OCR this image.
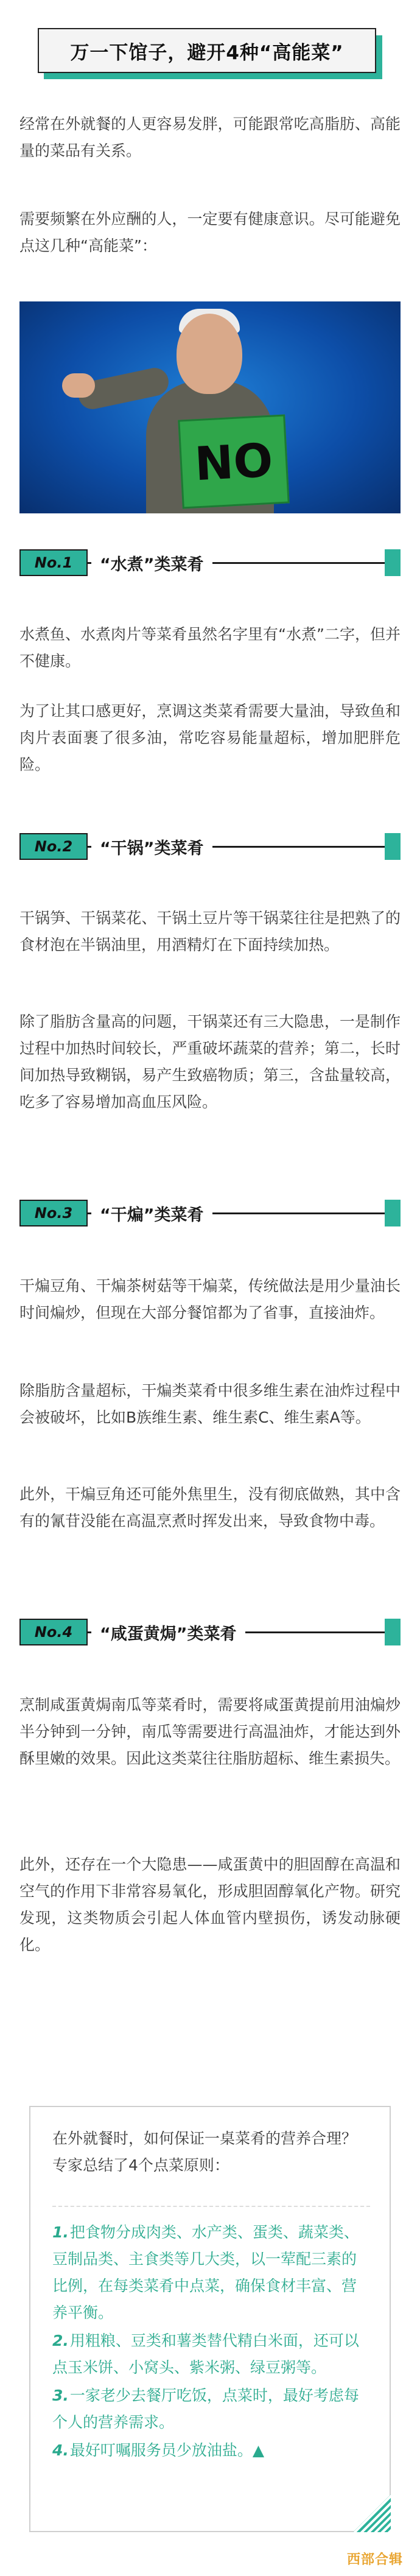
万一下馆子，避开4种“高能菜”

经常在外就餐的人更容易发胖，可能跟常吃高脂肪、高能量的菜品有关系。

需要频繁在外应酬的人，一定要有健康意识。尽可能避免点这几种“高能菜”：

NO
No.1	“水煮”类菜肴

水煮鱼、水煮肉片等菜肴虽然名字里有“水煮”二字，但并不健康。

为了让其口感更好，烹调这类菜肴需要大量油，导致鱼和肉片表面裹了很多油，常吃容易能量超标，增加肥胖危险。

No.2	“干锅”类菜肴

干锅笋、干锅菜花、干锅土豆片等干锅菜往往是把熟了的食材泡在半锅油里，用酒精灯在下面持续加热。

除了脂肪含量高的问题，干锅菜还有三大隐患，一是制作过程中加热时间较长，严重破坏蔬菜的营养；第二，长时间加热导致糊锅，易产生致癌物质；第三，含盐量较高，吃多了容易增加高血压风险。

No.3	“干煸”类菜肴

干煸豆角、干煸茶树菇等干煸菜，传统做法是用少量油长时间煸炒，但现在大部分餐馆都为了省事，直接油炸。

除脂肪含量超标，干煸类菜肴中很多维生素在油炸过程中会被破坏，比如B族维生素、维生素C、维生素A等。

此外，干煸豆角还可能外焦里生，没有彻底做熟，其中含有的氰苷没能在高温烹煮时挥发出来，导致食物中毒。

No.4	“咸蛋黄焗”类菜肴

烹制咸蛋黄焗南瓜等菜肴时，需要将咸蛋黄提前用油煸炒半分钟到一分钟，南瓜等需要进行高温油炸，才能达到外酥里嫩的效果。因此这类菜往往脂肪超标、维生素损失。

此外，还存在一个大隐患——咸蛋黄中的胆固醇在高温和空气的作用下非常容易氧化，形成胆固醇氧化产物。研究发现，这类物质会引起人体血管内壁损伤，诱发动脉硬化。

在外就餐时，如何保证一桌菜肴的营养合理？专家总结了4个点菜原则：

1.把食物分成肉类、水产类、蛋类、蔬菜类、豆制品类、主食类等几大类，以一荤配三素的比例，在每类菜肴中点菜，确保食材丰富、营养平衡。
2.用粗粮、豆类和薯类替代精白米面，还可以点玉米饼、小窝头、紫米粥、绿豆粥等。
3.一家老少去餐厅吃饭，点菜时，最好考虑每个人的营养需求。
4.最好叮嘱服务员少放油盐。▲
西部合辑
